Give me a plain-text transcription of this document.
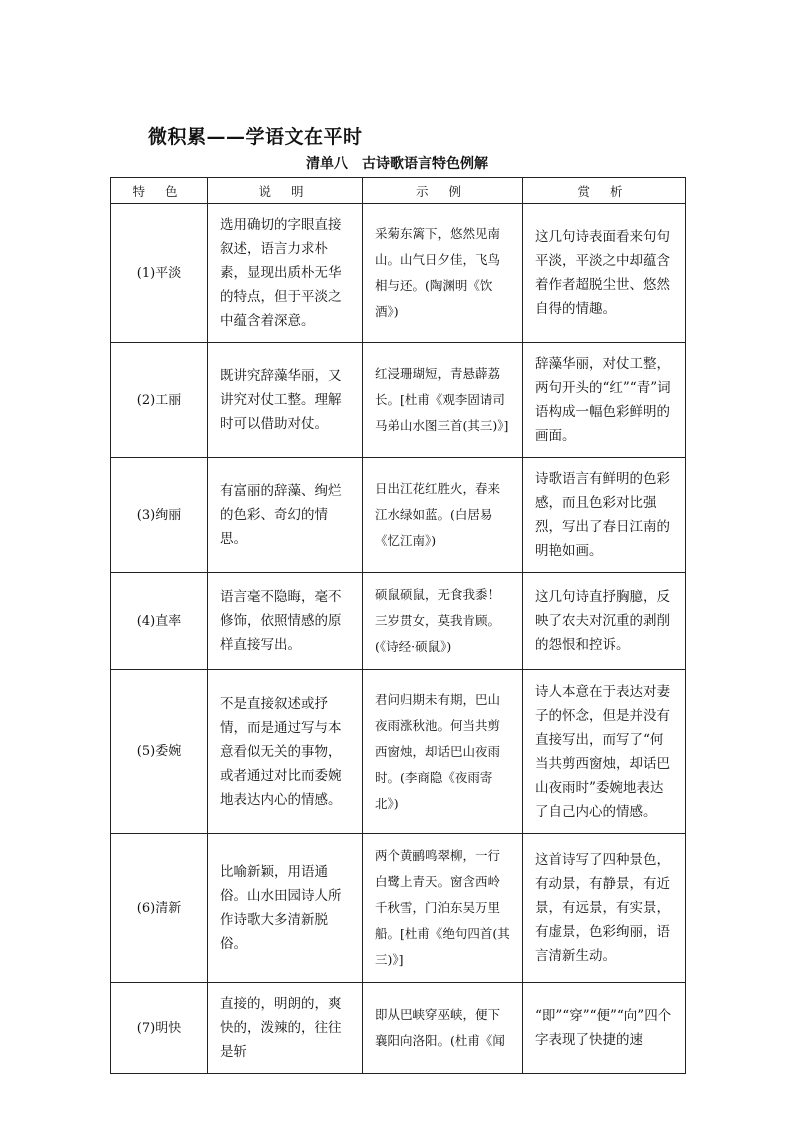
微积累——学语文在平时
清单八　古诗歌语言特色例解
特 色	说 明	示 例	赏 析
(1)平淡	选用确切的字眼直接叙述，语言力求朴素，显现出质朴无华的特点，但于平淡之中蕴含着深意。	采菊东篱下，悠然见南山。山气日夕佳，飞鸟相与还。(陶渊明《饮酒》)	这几句诗表面看来句句平淡，平淡之中却蕴含着作者超脱尘世、悠然自得的情趣。

(2)工丽	既讲究辞藻华丽，又讲究对仗工整。理解时可以借助对仗。	红浸珊瑚短，青悬薜荔长。[杜甫《观李固请司马弟山水图三首(其三)》]	辞藻华丽，对仗工整，两句开头的“红”“青”词语构成一幅色彩鲜明的画面。

(3)绚丽	有富丽的辞藻、绚烂的色彩、奇幻的情思。	日出江花红胜火，春来江水绿如蓝。(白居易《忆江南》)	诗歌语言有鲜明的色彩感，而且色彩对比强烈，写出了春日江南的明艳如画。

(4)直率	语言毫不隐晦，毫不修饰，依照情感的原样直接写出。	硕鼠硕鼠，无食我黍！三岁贯女，莫我肯顾。(《诗经·硕鼠》)	这几句诗直抒胸臆，反映了农夫对沉重的剥削的怨恨和控诉。

(5)委婉	不是直接叙述或抒情，而是通过写与本意看似无关的事物，或者通过对比而委婉地表达内心的情感。	君问归期未有期，巴山夜雨涨秋池。何当共剪西窗烛，却话巴山夜雨时。(李商隐《夜雨寄北》)	诗人本意在于表达对妻子的怀念，但是并没有直接写出，而写了“何当共剪西窗烛，却话巴山夜雨时”委婉地表达了自己内心的情感。

(6)清新	比喻新颖，用语通俗。山水田园诗人所作诗歌大多清新脱俗。	两个黄鹂鸣翠柳，一行白鹭上青天。窗含西岭千秋雪，门泊东吴万里船。[杜甫《绝句四首(其三)》]	这首诗写了四种景色，有动景，有静景，有近景，有远景，有实景，有虚景，色彩绚丽，语言清新生动。

(7)明快	直接的，明朗的，爽快的，泼辣的，往往是斩	即从巴峡穿巫峡，便下襄阳向洛阳。(杜甫《闻	“即”“穿”“便”“向”四个字表现了快捷的速
